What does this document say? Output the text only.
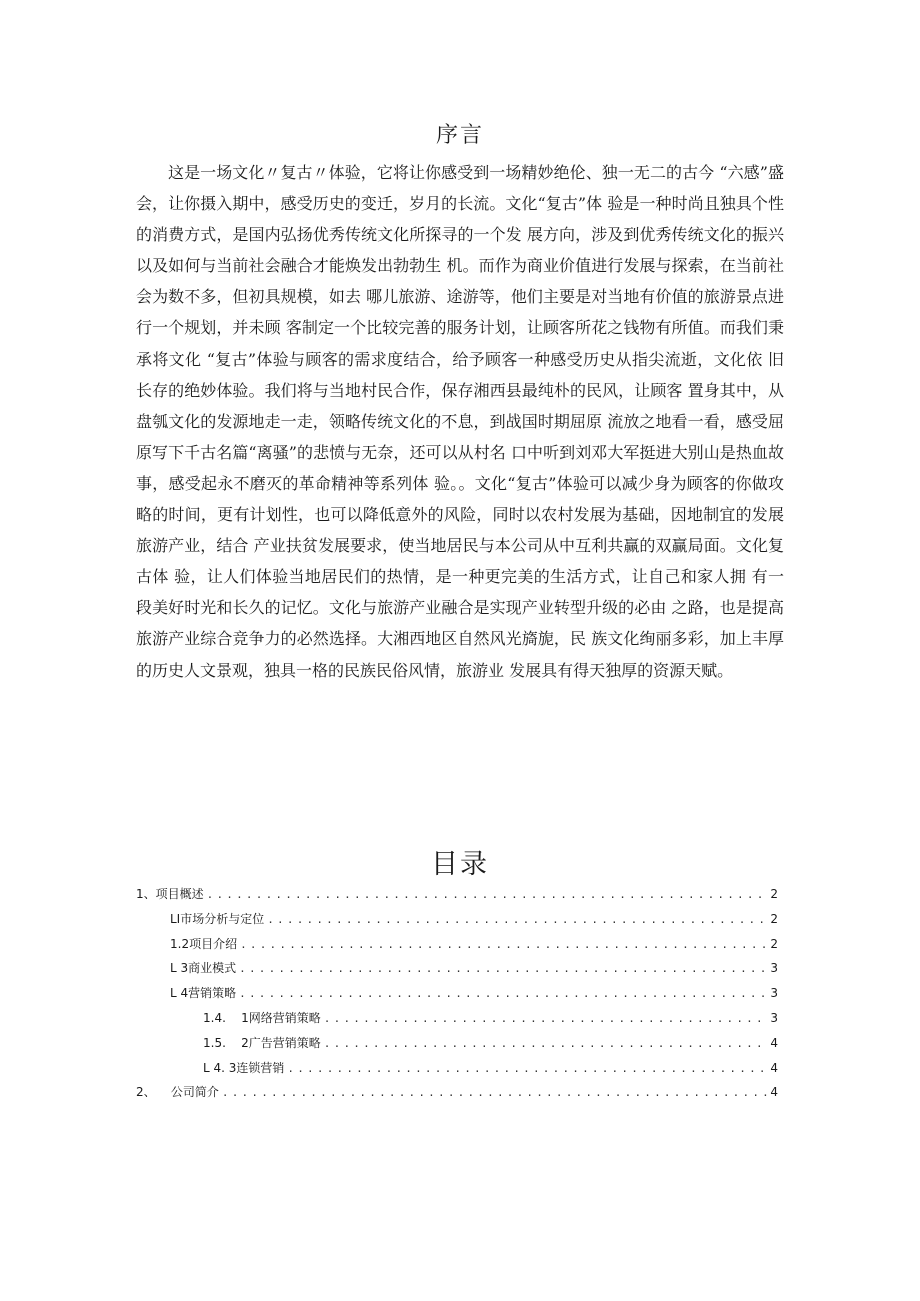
序言

这是一场文化〃复古〃体验，它将让你感受到一场精妙绝伦、独一无二的古今 “六感”盛会，让你摄入期中，感受历史的变迁，岁月的长流。文化“复古”体 验是一种时尚且独具个性的消费方式，是国内弘扬优秀传统文化所探寻的一个发 展方向，涉及到优秀传统文化的振兴以及如何与当前社会融合才能焕发出勃勃生 机。而作为商业价值进行发展与探索，在当前社会为数不多，但初具规模，如去 哪儿旅游、途游等，他们主要是对当地有价值的旅游景点进行一个规划，并未顾 客制定一个比较完善的服务计划，让顾客所花之钱物有所值。而我们秉承将文化 “复古”体验与顾客的需求度结合，给予顾客一种感受历史从指尖流逝，文化依 旧长存的绝妙体验。我们将与当地村民合作，保存湘西县最纯朴的民风，让顾客 置身其中，从盘瓠文化的发源地走一走，领略传统文化的不息，到战国时期屈原 流放之地看一看，感受屈原写下千古名篇“离骚”的悲愤与无奈，还可以从村名 口中听到刘邓大军挺进大别山是热血故事，感受起永不磨灭的革命精神等系列体 验。。文化“复古”体验可以减少身为顾客的你做攻略的时间，更有计划性，也可以降低意外的风险，同时以农村发展为基础，因地制宜的发展旅游产业，结合 产业扶贫发展要求，使当地居民与本公司从中互利共赢的双赢局面。文化复古体 验，让人们体验当地居民们的热情，是一种更完美的生活方式，让自己和家人拥 有一段美好时光和长久的记忆。文化与旅游产业融合是实现产业转型升级的必由 之路，也是提高旅游产业综合竞争力的必然选择。大湘西地区自然风光旖旎，民 族文化绚丽多彩，加上丰厚的历史人文景观，独具一格的民族民俗风情，旅游业 发展具有得天独厚的资源天赋。

目录
1、项目概述 .....	2
LI市场分析与定位 .....	2
1.2项目介绍 .....	2
L 3商业模式 .....	3
L 4营销策略 .....	3
1.4.    1网络营销策略 .....	3
1.5.    2广告营销策略 .....	4
L 4. 3连锁营销 .....	4
2、    公司简介 .....	4
